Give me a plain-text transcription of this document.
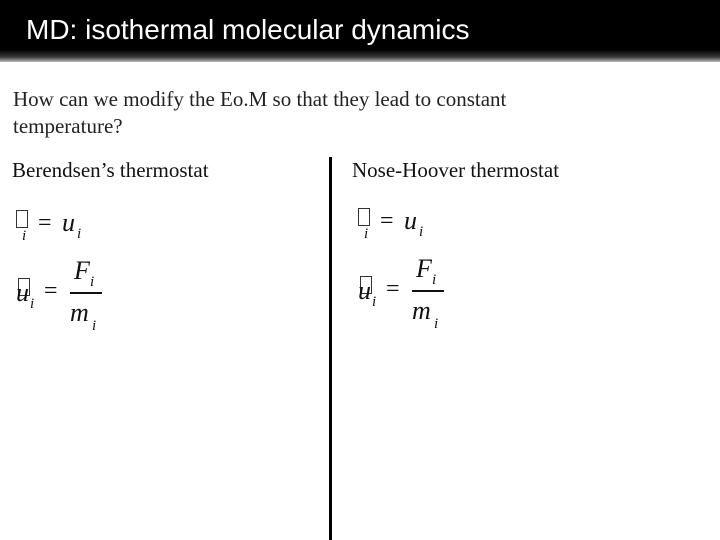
MD: isothermal molecular dynamics
How can we modify the Eo.M so that they lead to constant temperature?
Berendsen’s thermostat	Nose-Hoover thermostat
i = u i
u i =
F i
m i
i = u i
u i =
F i
m i
